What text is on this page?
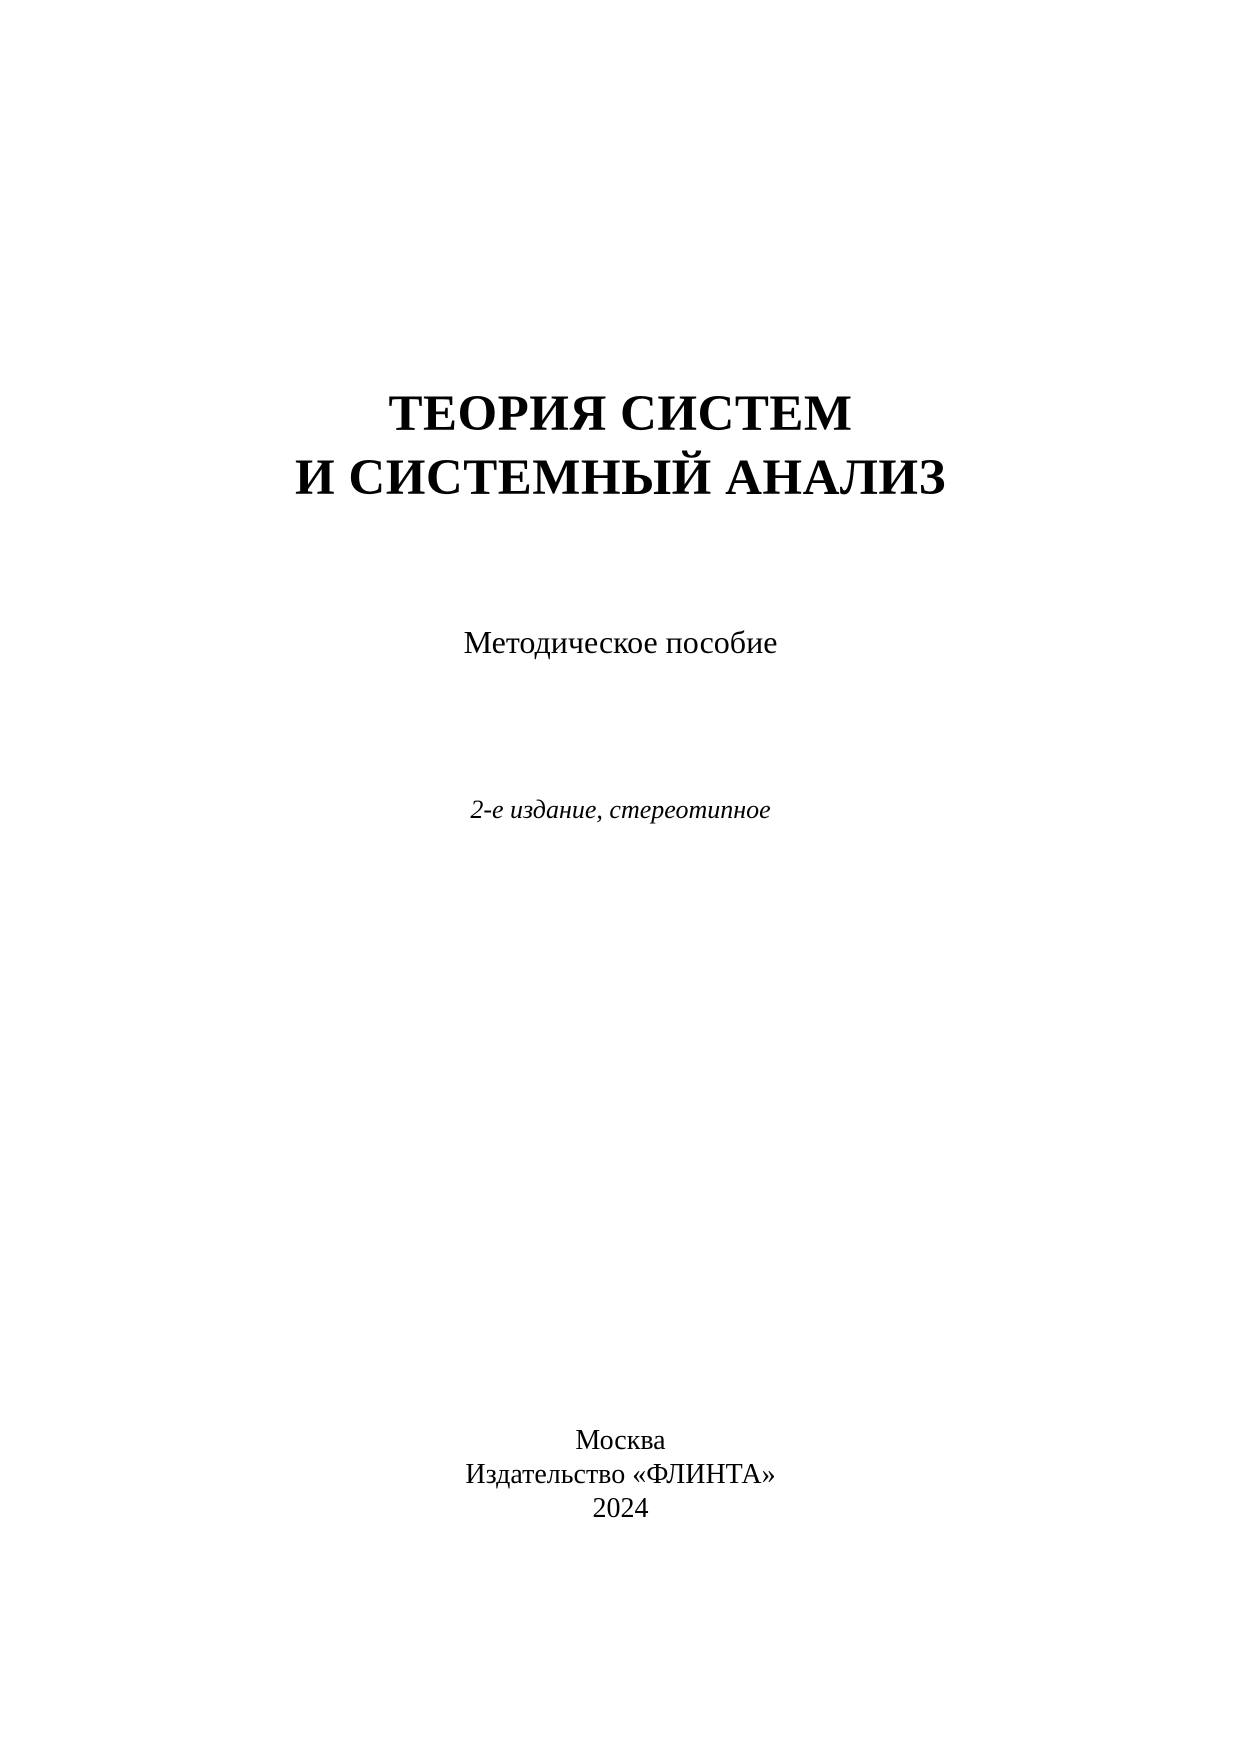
ТЕОРИЯ СИСТЕМ
И СИСТЕМНЫЙ АНАЛИЗ
Методическое пособие
2-е издание, стереотипное
Москва
Издательство «ФЛИНТА»
2024
